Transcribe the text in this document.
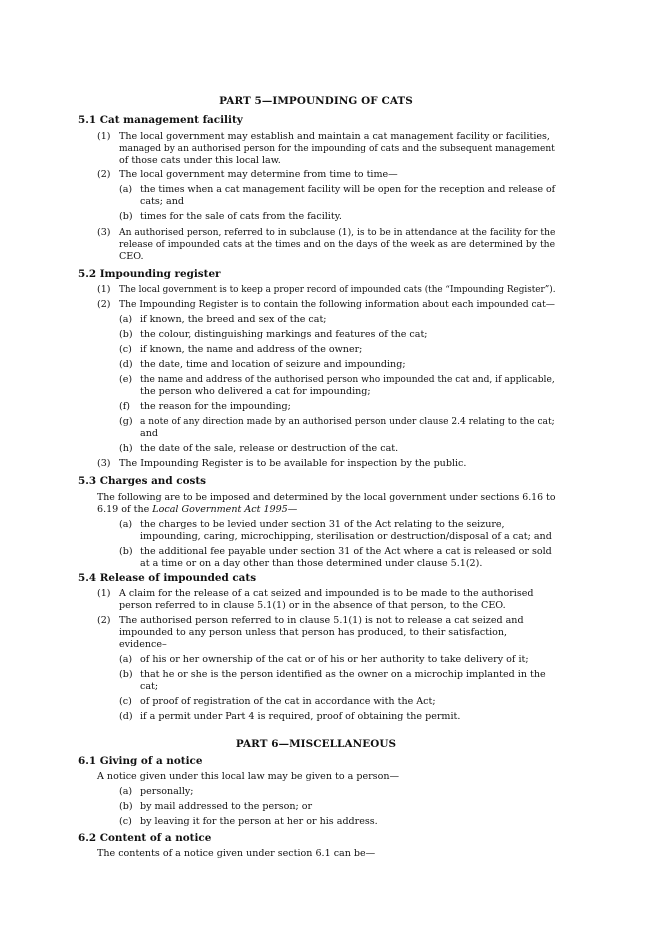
PART 5—IMPOUNDING OF CATS
5.1 Cat management facility
(1) The local government may establish and maintain a cat management facility or facilities,
managed by an authorised person for the impounding of cats and the subsequent management
of those cats under this local law.
(2) The local government may determine from time to time—
(a) the times when a cat management facility will be open for the reception and release of
cats; and
(b) times for the sale of cats from the facility.
(3) An authorised person, referred to in subclause (1), is to be in attendance at the facility for the
release of impounded cats at the times and on the days of the week as are determined by the
CEO.
5.2 Impounding register
(1) The local government is to keep a proper record of impounded cats (the “Impounding Register”).
(2) The Impounding Register is to contain the following information about each impounded cat—
(a) if known, the breed and sex of the cat;
(b) the colour, distinguishing markings and features of the cat;
(c) if known, the name and address of the owner;
(d) the date, time and location of seizure and impounding;
(e) the name and address of the authorised person who impounded the cat and, if applicable,
the person who delivered a cat for impounding;
(f) the reason for the impounding;
(g) a note of any direction made by an authorised person under clause 2.4 relating to the cat;
and
(h) the date of the sale, release or destruction of the cat.
(3) The Impounding Register is to be available for inspection by the public.
5.3 Charges and costs
The following are to be imposed and determined by the local government under sections 6.16 to
6.19 of the Local Government Act 1995—
(a) the charges to be levied under section 31 of the Act relating to the seizure,
impounding, caring, microchipping, sterilisation or destruction/disposal of a cat; and
(b) the additional fee payable under section 31 of the Act where a cat is released or sold
at a time or on a day other than those determined under clause 5.1(2).
5.4 Release of impounded cats
(1) A claim for the release of a cat seized and impounded is to be made to the authorised
person referred to in clause 5.1(1) or in the absence of that person, to the CEO.
(2) The authorised person referred to in clause 5.1(1) is not to release a cat seized and
impounded to any person unless that person has produced, to their satisfaction,
evidence–
(a) of his or her ownership of the cat or of his or her authority to take delivery of it;
(b) that he or she is the person identified as the owner on a microchip implanted in the
cat;
(c) of proof of registration of the cat in accordance with the Act;
(d) if a permit under Part 4 is required, proof of obtaining the permit.
PART 6—MISCELLANEOUS
6.1 Giving of a notice
A notice given under this local law may be given to a person—
(a) personally;
(b) by mail addressed to the person; or
(c) by leaving it for the person at her or his address.
6.2 Content of a notice
The contents of a notice given under section 6.1 can be—
